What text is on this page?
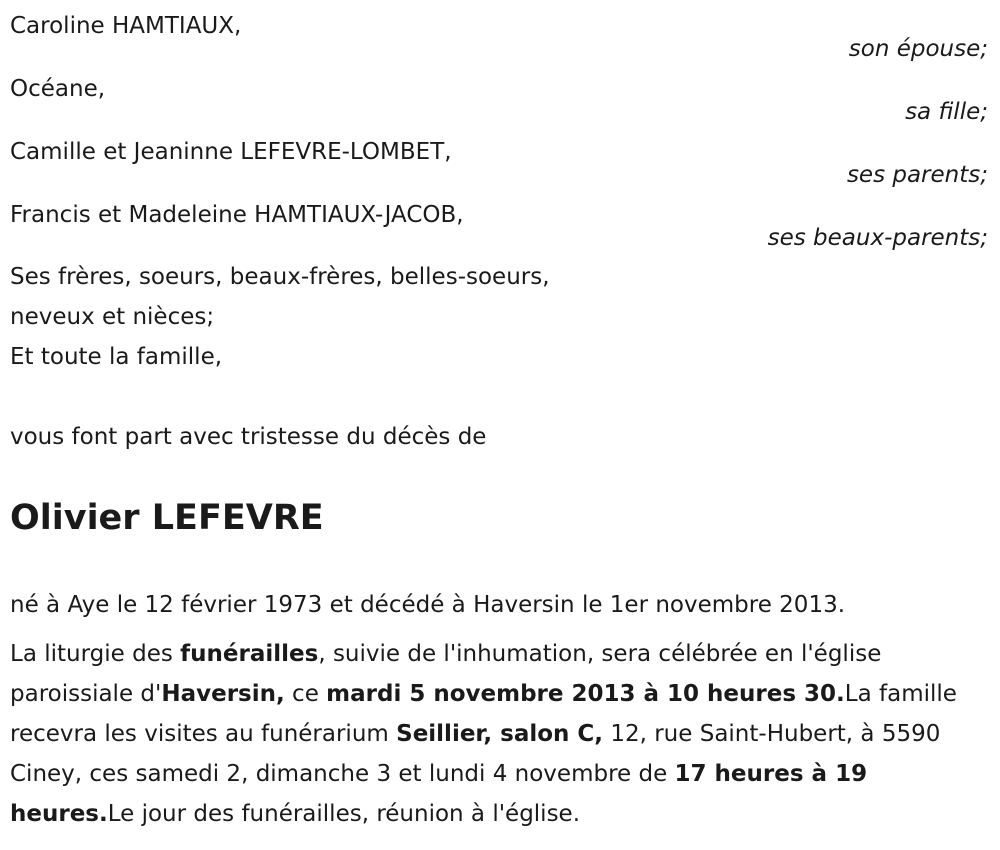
Caroline HAMTIAUX,
son épouse;
Océane,
sa fille;
Camille et Jeaninne LEFEVRE-LOMBET,
ses parents;
Francis et Madeleine HAMTIAUX-JACOB,
ses beaux-parents;
Ses frères, soeurs, beaux-frères, belles-soeurs,
neveux et nièces;
Et toute la famille,
vous font part avec tristesse du décès de
Olivier LEFEVRE
né à Aye le 12 février 1973 et décédé à Haversin le 1er novembre 2013.
La liturgie des funérailles, suivie de l'inhumation, sera célébrée en l'église paroissiale d'Haversin, ce mardi 5 novembre 2013 à 10 heures 30.La famille recevra les visites au funérarium Seillier, salon C, 12, rue Saint-Hubert, à 5590 Ciney, ces samedi 2, dimanche 3 et lundi 4 novembre de 17 heures à 19 heures.Le jour des funérailles, réunion à l'église.
